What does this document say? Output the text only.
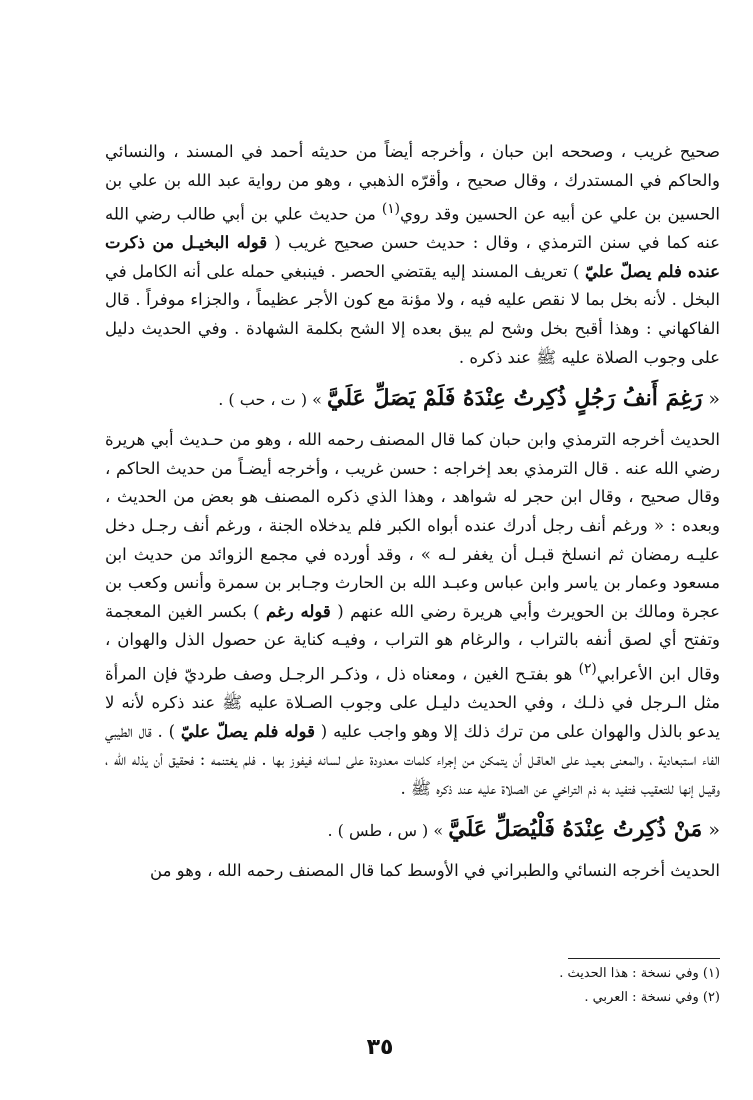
صحيح غريب ، وصححه ابن حبان ، وأخرجه أيضاً من حديثه أحمد في المسند ، والنسائي والحاكم في المستدرك ، وقال صحيح ، وأقرّه الذهبي ، وهو من رواية عبد الله بن علي بن الحسين بن علي عن أبيه عن الحسين وقد روي$^{(١)}$ من حديث علي بن أبي طالب رضي الله عنه كما في سنن الترمذي ، وقال : حديث حسن صحيح غريب ( قوله البخيـل من ذكرت عنده فلم يصلّ عليّ ) تعريف المسند إليه يقتضي الحصر . فينبغي حمله على أنه الكامل في البخل . لأنه بخل بما لا نقص عليه فيه ، ولا مؤنة مع كون الأجر عظيماً ، والجزاء موفراً . قال الفاكهاني : وهذا أقبح بخل وشح لم يبق بعده إلا الشح بكلمة الشهادة . وفي الحديث دليل على وجوب الصلاة عليه ﷺ عند ذكره .

« رَغِمَ أَنفُ رَجُلٍ ذُكِرتُ عِنْدَهُ فَلَمْ يَصَلِّ عَلَيَّ » ( ت ، حب ) .

الحديث أخرجه الترمذي وابن حبان كما قال المصنف رحمه الله ، وهو من حـديث أبي هريرة رضي الله عنه . قال الترمذي بعد إخراجه : حسن غريب ، وأخرجه أيضـاً من حديث الحاكم ، وقال صحيح ، وقال ابن حجر له شواهد ، وهذا الذي ذكره المصنف هو بعض من الحديث ، وبعده : « ورغم أنف رجل أدرك عنده أبواه الكبر فلم يدخلاه الجنة ، ورغم أنف رجـل دخل عليـه رمضان ثم انسلخ قبـل أن يغفر لـه » ، وقد أورده في مجمع الزوائد من حديث ابن مسعود وعمار بن ياسر وابن عباس وعبـد الله بن الحارث وجـابر بن سمرة وأنس وكعب بن عجرة ومالك بن الحويرث وأبي هريرة رضي الله عنهم ( قوله رغم ) بكسر الغين المعجمة وتفتح أي لصق أنفه بالتراب ، والرغام هو التراب ، وفيـه كناية عن حصول الذل والهوان ، وقال ابن الأعرابي$^{(٢)}$ هو بفتـح الغين ، ومعناه ذل ، وذكـر الرجـل وصف طرديّ فإن المرأة مثل الـرجل في ذلـك ، وفي الحديث دليـل على وجوب الصـلاة عليه ﷺ عند ذكره لأنه لا يدعو بالذل والهوان على من ترك ذلك إلا وهو واجب عليه ( قوله فلم يصلّ عليّ ) . قال الطيبي الفاء استبعادية ، والمعنى بعيـد على العاقـل أن يتمكن من إجراء كلمات معدودة على لسانه فيفوز بها . فلم يغتنمه : فحقيق أن يذله الله ، وقيـل إنها للتعقيب فتفيد به ذم التراخي عن الصلاة عليه عند ذكره ﷺ .

« مَنْ ذُكِرتُ عِنْدَهُ فَلْيُصَلِّ عَلَيَّ » ( س ، طس ) .

الحديث أخرجه النسائي والطبراني في الأوسط كما قال المصنف رحمه الله ، وهو من

(١) وفي نسخة : هذا الحديث .

(٢) وفي نسخة : العربي .

٣٥
